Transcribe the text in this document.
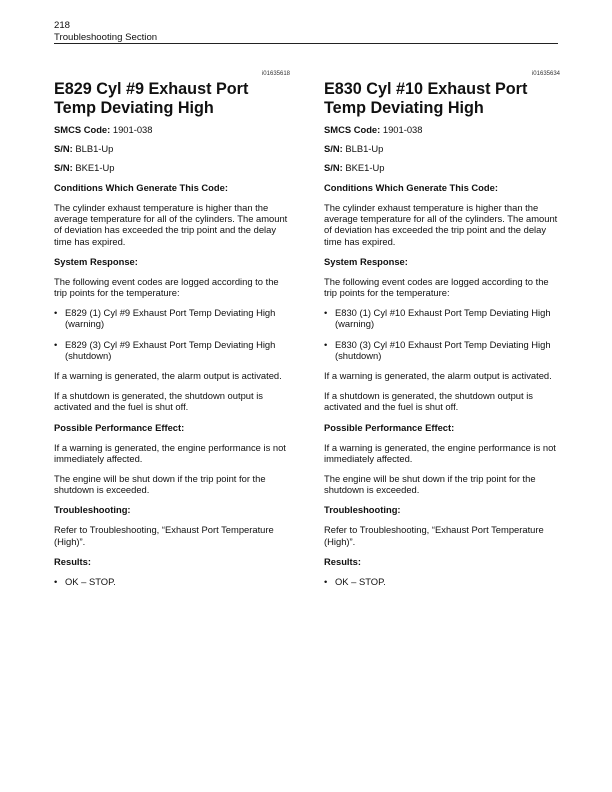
218
Troubleshooting Section
i01635618
E829 Cyl #9 Exhaust Port Temp Deviating High

SMCS Code: 1901-038

S/N: BLB1-Up

S/N: BKE1-Up

Conditions Which Generate This Code:

The cylinder exhaust temperature is higher than the average temperature for all of the cylinders. The amount of deviation has exceeded the trip point and the delay time has expired.

System Response:

The following event codes are logged according to the trip points for the temperature:

• E829 (1) Cyl #9 Exhaust Port Temp Deviating High (warning)
• E829 (3) Cyl #9 Exhaust Port Temp Deviating High (shutdown)

If a warning is generated, the alarm output is activated.

If a shutdown is generated, the shutdown output is activated and the fuel is shut off.

Possible Performance Effect:

If a warning is generated, the engine performance is not immediately affected.

The engine will be shut down if the trip point for the shutdown is exceeded.

Troubleshooting:

Refer to Troubleshooting, “Exhaust Port Temperature (High)”.

Results:

• OK – STOP.
i01635634
E830 Cyl #10 Exhaust Port Temp Deviating High

SMCS Code: 1901-038

S/N: BLB1-Up

S/N: BKE1-Up

Conditions Which Generate This Code:

The cylinder exhaust temperature is higher than the average temperature for all of the cylinders. The amount of deviation has exceeded the trip point and the delay time has expired.

System Response:

The following event codes are logged according to the trip points for the temperature:

• E830 (1) Cyl #10 Exhaust Port Temp Deviating High (warning)
• E830 (3) Cyl #10 Exhaust Port Temp Deviating High (shutdown)

If a warning is generated, the alarm output is activated.

If a shutdown is generated, the shutdown output is activated and the fuel is shut off.

Possible Performance Effect:

If a warning is generated, the engine performance is not immediately affected.

The engine will be shut down if the trip point for the shutdown is exceeded.

Troubleshooting:

Refer to Troubleshooting, “Exhaust Port Temperature (High)”.

Results:

• OK – STOP.
